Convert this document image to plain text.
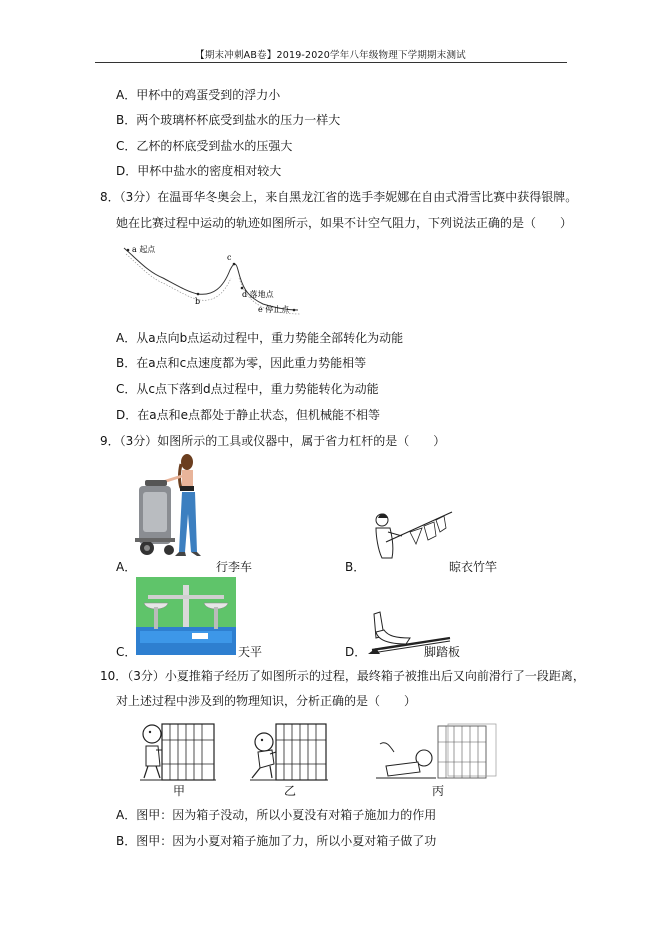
【期末冲刺AB卷】2019-2020学年八年级物理下学期期末测试
A．甲杯中的鸡蛋受到的浮力小
B．两个玻璃杯杯底受到盐水的压力一样大
C．乙杯的杯底受到盐水的压强大
D．甲杯中盐水的密度相对较大
8．（3分）在温哥华冬奥会上，来自黑龙江省的选手李妮娜在自由式滑雪比赛中获得银牌。
她在比赛过程中运动的轨迹如图所示，如果不计空气阻力，下列说法正确的是（　　）
a 起点
b
c
d 落地点
e 停止点
A．从a点向b点运动过程中，重力势能全部转化为动能
B．在a点和c点速度都为零，因此重力势能相等
C．从c点下落到d点过程中，重力势能转化为动能
D．在a点和e点都处于静止状态，但机械能不相等
9．（3分）如图所示的工具或仪器中，属于省力杠杆的是（　　）
A．	行李车	B．	晾衣竹竿
C．	天平	D．	脚踏板
10．（3分）小夏推箱子经历了如图所示的过程，最终箱子被推出后又向前滑行了一段距离，
对上述过程中涉及到的物理知识，分析正确的是（　　）
甲	乙	丙
A．图甲：因为箱子没动，所以小夏没有对箱子施加力的作用
B．图甲：因为小夏对箱子施加了力，所以小夏对箱子做了功
